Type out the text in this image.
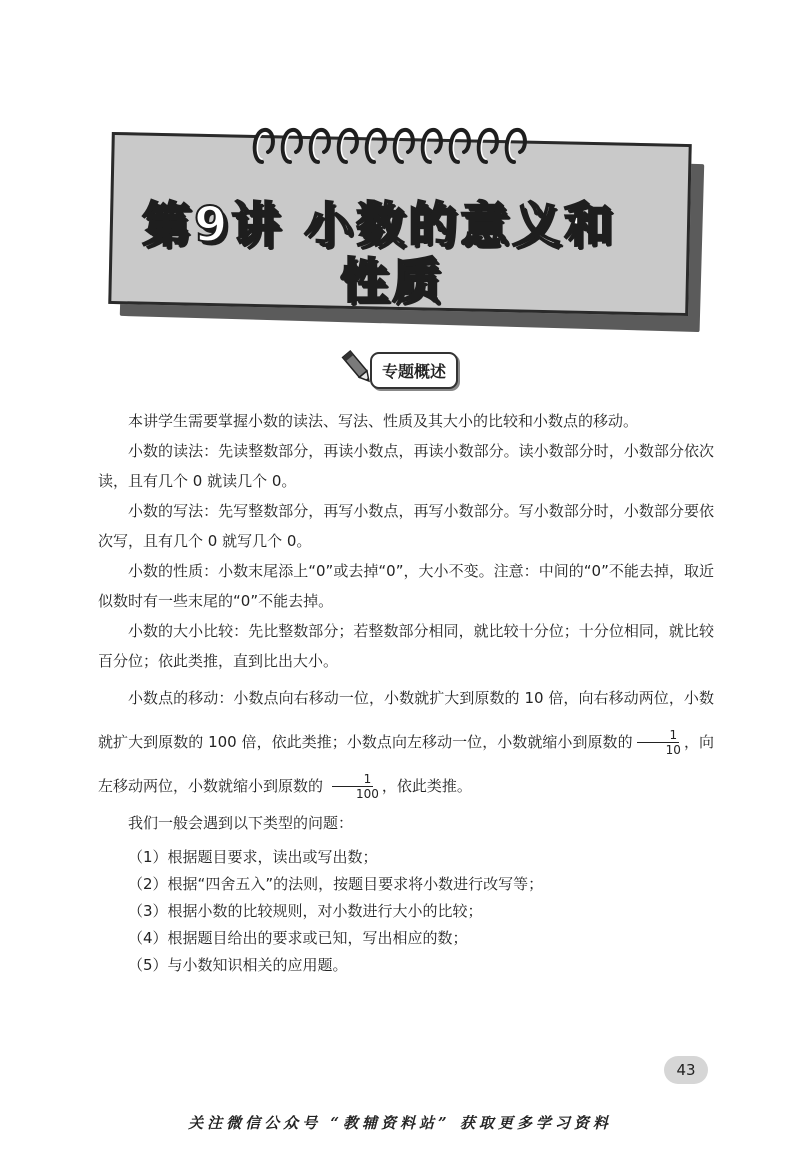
第9讲 小数的意义和
性质
专题概述

本讲学生需要掌握小数的读法、写法、性质及其大小的比较和小数点的移动。

小数的读法：先读整数部分，再读小数点，再读小数部分。读小数部分时，小数部分依次读，且有几个 0 就读几个 0。

小数的写法：先写整数部分，再写小数点，再写小数部分。写小数部分时，小数部分要依次写，且有几个 0 就写几个 0。

小数的性质：小数末尾添上“0”或去掉“0”，大小不变。注意：中间的“0”不能去掉，取近似数时有一些末尾的“0”不能去掉。

小数的大小比较：先比整数部分；若整数部分相同，就比较十分位；十分位相同，就比较百分位；依此类推，直到比出大小。

小数点的移动：小数点向右移动一位，小数就扩大到原数的 10 倍，向右移动两位，小数就扩大到原数的 100 倍，依此类推；小数点向左移动一位，小数就缩小到原数的 $\frac{1}{10}$ ，向左移动两位，小数就缩小到原数的 $\frac{1}{100}$ ，依此类推。

我们一般会遇到以下类型的问题：

（1）根据题目要求，读出或写出数；
（2）根据“四舍五入”的法则，按题目要求将小数进行改写等；
（3）根据小数的比较规则，对小数进行大小的比较；
（4）根据题目给出的要求或已知，写出相应的数；
（5）与小数知识相关的应用题。
43
关注微信公众号 “教辅资料站” 获取更多学习资料
